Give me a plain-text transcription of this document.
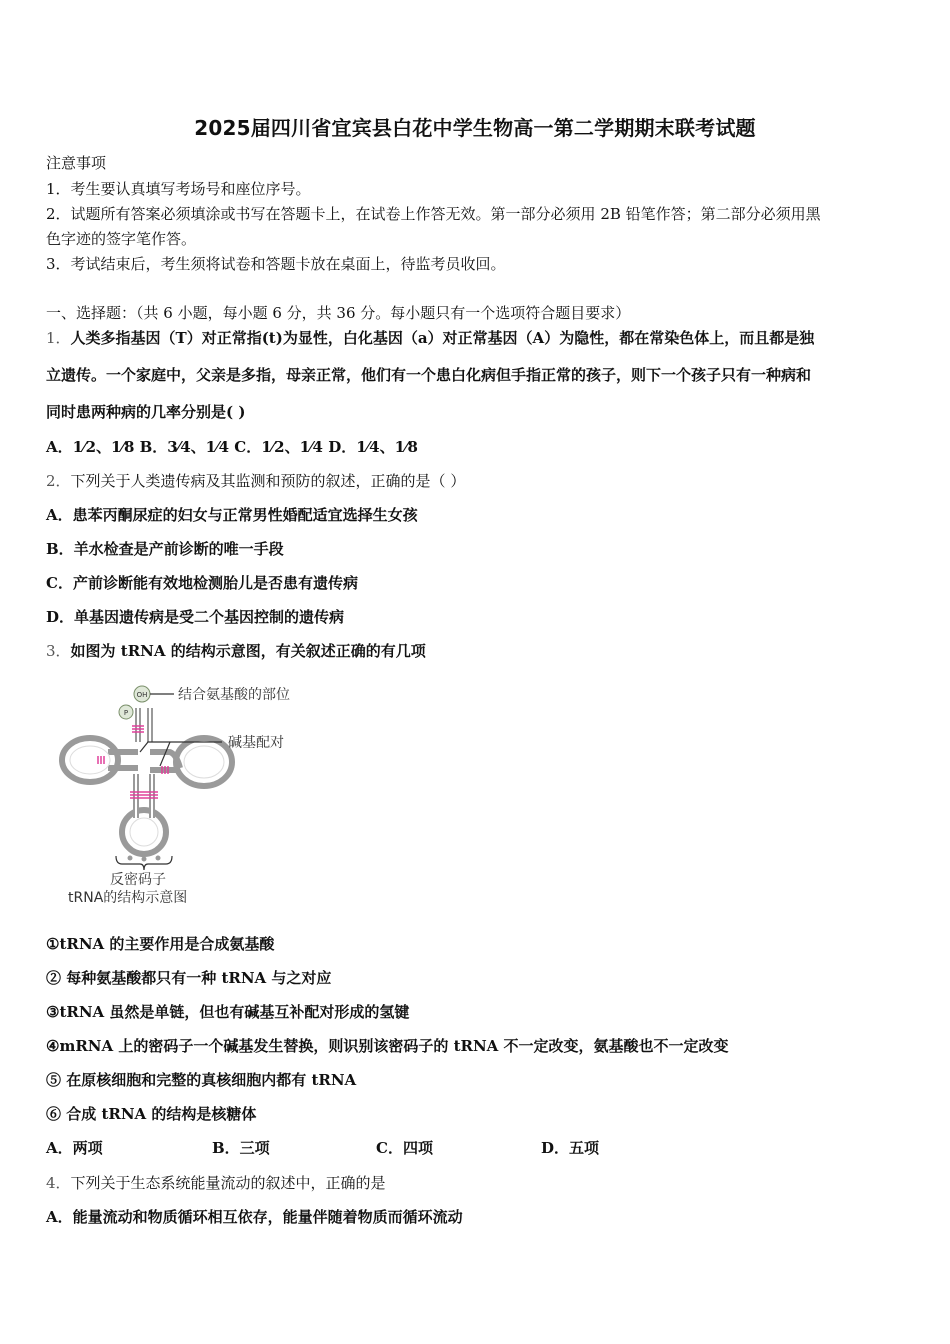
2025届四川省宜宾县白花中学生物高一第二学期期末联考试题
注意事项
1．考生要认真填写考场号和座位序号。
2．试题所有答案必须填涂或书写在答题卡上，在试卷上作答无效。第一部分必须用 2B 铅笔作答；第二部分必须用黑
色字迹的签字笔作答。
3．考试结束后，考生须将试卷和答题卡放在桌面上，待监考员收回。
一、选择题：（共 6 小题，每小题 6 分，共 36 分。每小题只有一个选项符合题目要求）
1．人类多指基因（T）对正常指(t)为显性，白化基因（a）对正常基因（A）为隐性，都在常染色体上，而且都是独
立遗传。一个家庭中，父亲是多指，母亲正常，他们有一个患白化病但手指正常的孩子，则下一个孩子只有一种病和
同时患两种病的几率分别是( )
A．1⁄2、1⁄8 B．3⁄4、1⁄4 C．1⁄2、1⁄4 D．1⁄4、1⁄8
2．下列关于人类遗传病及其监测和预防的叙述，正确的是（ ）
A．患苯丙酮尿症的妇女与正常男性婚配适宜选择生女孩
B．羊水检查是产前诊断的唯一手段
C．产前诊断能有效地检测胎儿是否患有遗传病
D．单基因遗传病是受二个基因控制的遗传病
3．如图为 tRNA 的结构示意图，有关叙述正确的有几项
OH
P
结合氨基酸的部位
碱基配对
反密码子
tRNA的结构示意图
①tRNA 的主要作用是合成氨基酸
② 每种氨基酸都只有一种 tRNA 与之对应
③tRNA 虽然是单链，但也有碱基互补配对形成的氢键
④mRNA 上的密码子一个碱基发生替换，则识别该密码子的 tRNA 不一定改变，氨基酸也不一定改变
⑤ 在原核细胞和完整的真核细胞内都有 tRNA
⑥ 合成 tRNA 的结构是核糖体
A．两项	B．三项	C．四项	D．五项
4．下列关于生态系统能量流动的叙述中，正确的是
A．能量流动和物质循环相互依存，能量伴随着物质而循环流动
